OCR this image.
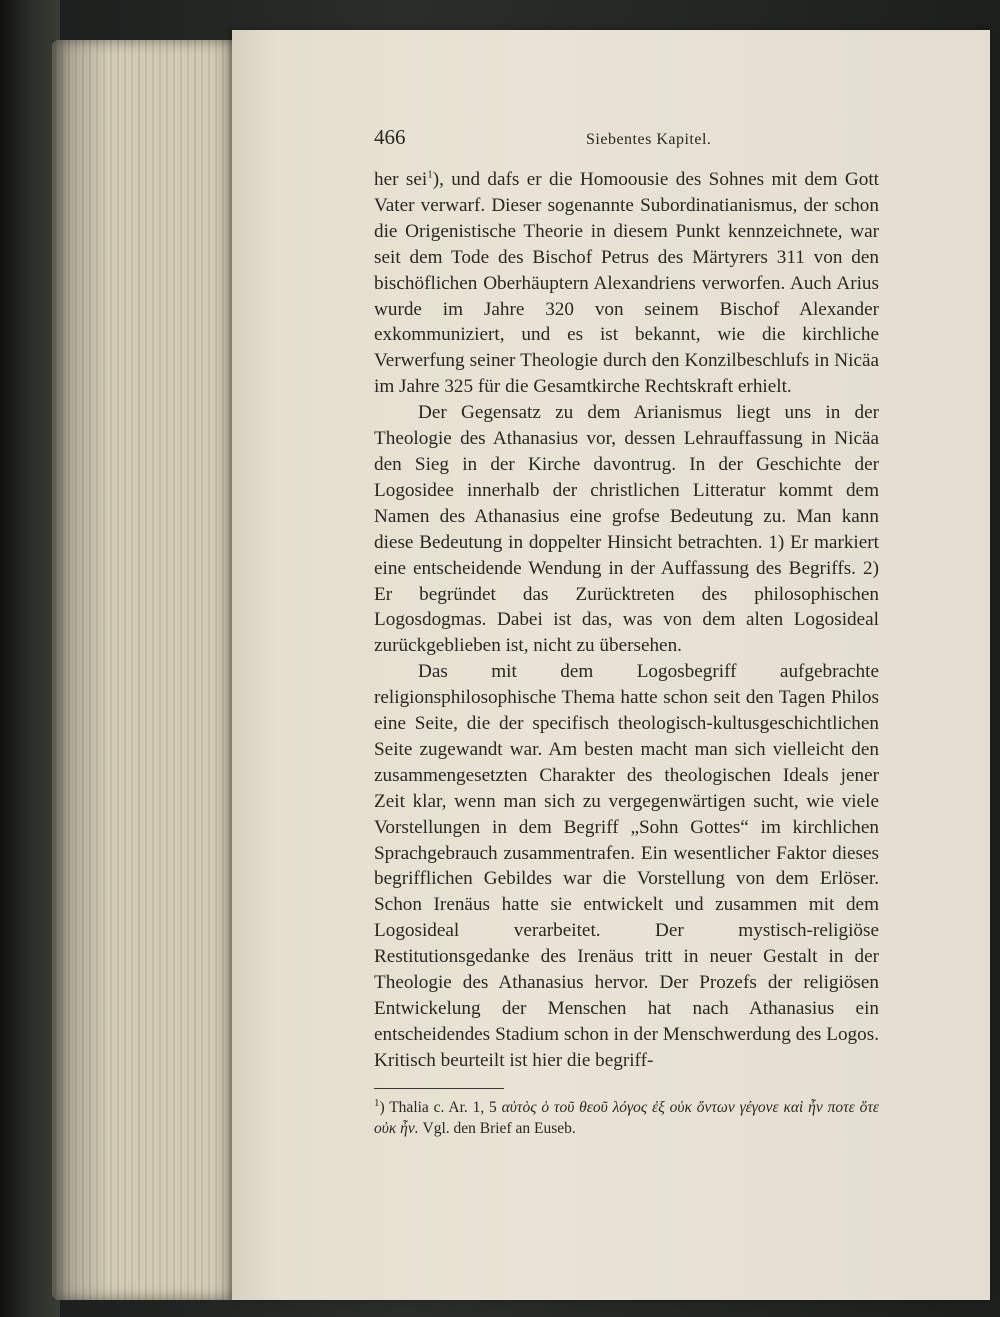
466	Siebentes Kapitel.

her sei$^1$), und dafs er die Homoousie des Sohnes mit dem Gott Vater verwarf. Dieser sogenannte Subordinatianismus, der schon die Origenistische Theorie in diesem Punkt kennzeichnete, war seit dem Tode des Bischof Petrus des Märtyrers 311 von den bischöflichen Oberhäuptern Alexandriens verworfen. Auch Arius wurde im Jahre 320 von seinem Bischof Alexander exkommuniziert, und es ist bekannt, wie die kirchliche Verwerfung seiner Theologie durch den Konzilbeschlufs in Nicäa im Jahre 325 für die Gesamtkirche Rechtskraft erhielt.

Der Gegensatz zu dem Arianismus liegt uns in der Theologie des Athanasius vor, dessen Lehrauffassung in Nicäa den Sieg in der Kirche davontrug. In der Geschichte der Logosidee innerhalb der christlichen Litteratur kommt dem Namen des Athanasius eine grofse Bedeutung zu. Man kann diese Bedeutung in doppelter Hinsicht betrachten. 1) Er markiert eine entscheidende Wendung in der Auffassung des Begriffs. 2) Er begründet das Zurücktreten des philosophischen Logosdogmas. Dabei ist das, was von dem alten Logosideal zurückgeblieben ist, nicht zu übersehen.

Das mit dem Logosbegriff aufgebrachte religionsphilosophische Thema hatte schon seit den Tagen Philos eine Seite, die der specifisch theologisch-kultusgeschichtlichen Seite zugewandt war. Am besten macht man sich vielleicht den zusammengesetzten Charakter des theologischen Ideals jener Zeit klar, wenn man sich zu vergegenwärtigen sucht, wie viele Vorstellungen in dem Begriff „Sohn Gottes“ im kirchlichen Sprachgebrauch zusammentrafen. Ein wesentlicher Faktor dieses begrifflichen Gebildes war die Vorstellung von dem Erlöser. Schon Irenäus hatte sie entwickelt und zusammen mit dem Logosideal verarbeitet. Der mystisch-religiöse Restitutionsgedanke des Irenäus tritt in neuer Gestalt in der Theologie des Athanasius hervor. Der Prozefs der religiösen Entwickelung der Menschen hat nach Athanasius ein entscheidendes Stadium schon in der Menschwerdung des Logos. Kritisch beurteilt ist hier die begriff-

$^1$) Thalia c. Ar. 1, 5 αὐτὸς ὁ τοῦ θεοῦ λόγος ἐξ οὐκ ὄντων γέγονε καὶ ἦν ποτε ὅτε οὐκ ἦν. Vgl. den Brief an Euseb.
